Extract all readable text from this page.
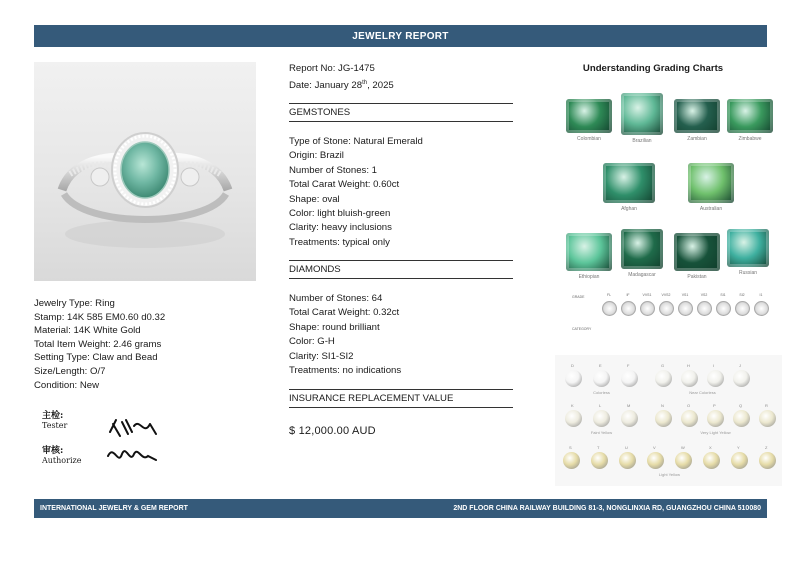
JEWELRY REPORT
Jewelry Type: Ring
Stamp: 14K 585 EM0.60 d0.32
Material: 14K White Gold
Total Item Weight: 2.46 grams
Setting Type: Claw and Bead
Size/Length: O/7
Condition: New
主检:
Tester
审核:
Authorize
Report No: JG-1475
Date: January 28th, 2025
GEMSTONES
Type of Stone: Natural Emerald
Origin: Brazil
Number of Stones: 1
Total Carat Weight: 0.60ct
Shape: oval
Color: light bluish-green
Clarity: heavy inclusions
Treatments: typical only
DIAMONDS
Number of Stones: 64
Total Carat Weight: 0.32ct
Shape: round brilliant
Color: G-H
Clarity: SI1-SI2
Treatments: no indications
INSURANCE REPLACEMENT VALUE
$ 12,000.00 AUD
Understanding Grading Charts
Colombian	Brazilian	Zambian	Zimbabwe
Afghan	Australian
Ethiopian	Madagascar	Pakistan
Russian
GRADE
CATEGORY
FL	IF	VVS1	VVS2	VS1	VS2	SI1	SI2	I1
D	E	F
Colorless
G	H	I	J
Near Colorless
K	L	M
Faint Yellow
N	O	P	Q	R
Very Light Yellow
S	T	U	V	W	X	Y	Z
Light Yellow
INTERNATIONAL JEWELRY & GEM REPORT	2ND FLOOR CHINA RAILWAY BUILDING 81-3, NONGLINXIA RD, GUANGZHOU CHINA 510080
